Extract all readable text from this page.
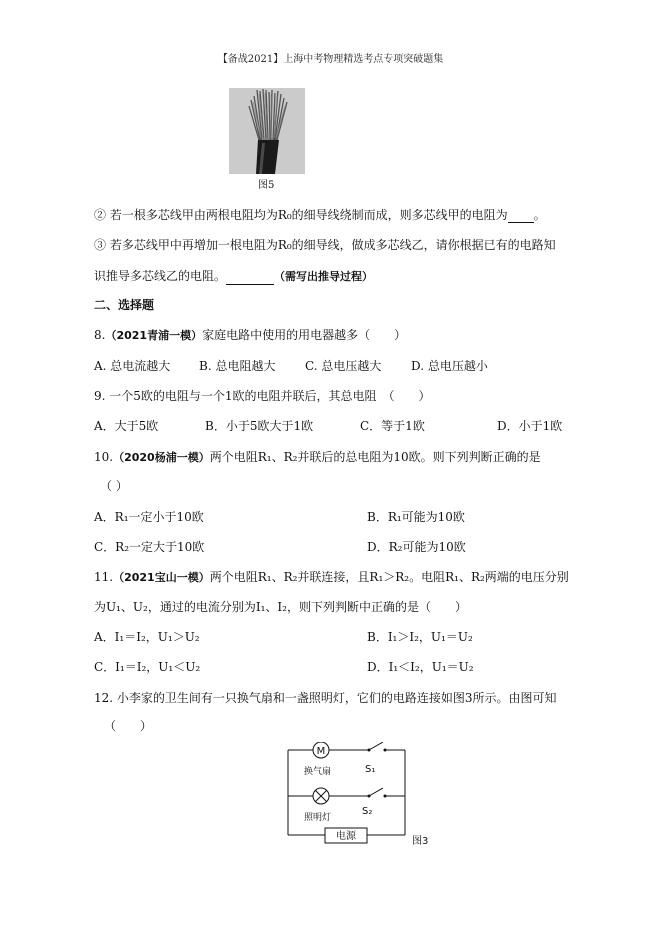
【备战2021】上海中考物理精选考点专项突破题集
图5
② 若一根多芯线甲由两根电阻均为R₀的细导线绕制而成，则多芯线甲的电阻为 。
③ 若多芯线甲中再增加一根电阻为R₀的细导线，做成多芯线乙，请你根据已有的电路知
识推导多芯线乙的电阻。	（需写出推导过程）
二、选择题
8.（2021青浦一模）家庭电路中使用的用电器越多（　　）
A. 总电流越大 B. 总电阻越大 C. 总电压越大 D. 总电压越小
9. 一个5欧的电阻与一个1欧的电阻并联后，其总电阻　（　　）
A．大于5欧	B．小于5欧大于1欧	C．等于1欧	D．小于1欧
10.（2020杨浦一模）两个电阻R₁、R₂并联后的总电阻为10欧。则下列判断正确的是
（ ）
A．R₁一定小于10欧	B．R₁可能为10欧
C．R₂一定大于10欧	D．R₂可能为10欧
11.（2021宝山一模）两个电阻R₁、R₂并联连接，且R₁＞R₂。电阻R₁、R₂两端的电压分别
为U₁、U₂，通过的电流分别为I₁、I₂，则下列判断中正确的是（　　）
A．I₁＝I₂，U₁＞U₂	B．I₁＞I₂，U₁＝U₂
C．I₁＝I₂，U₁＜U₂	D．I₁＜I₂，U₁＝U₂
12. 小李家的卫生间有一只换气扇和一盏照明灯，它们的电路连接如图3所示。由图可知
（　　）
M
电源
换气扇
照明灯
S₁
S₂
图3
